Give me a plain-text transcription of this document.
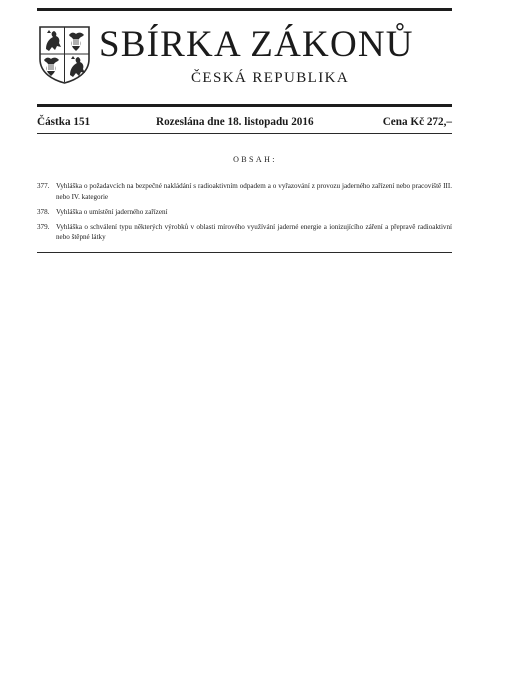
SBÍRKA ZÁKONŮ
ČESKÁ REPUBLIKA
Částka 151	Rozeslána dne 18. listopadu 2016	Cena Kč 272,–
OBSAH:
377. Vyhláška o požadavcích na bezpečné nakládání s radioaktivním odpadem a o vyřazování z provozu jaderného zařízení nebo pracoviště III. nebo IV. kategorie
378. Vyhláška o umístění jaderného zařízení
379. Vyhláška o schválení typu některých výrobků v oblasti mírového využívání jaderné energie a ionizujícího záření a přepravě radioaktivní nebo štěpné látky
